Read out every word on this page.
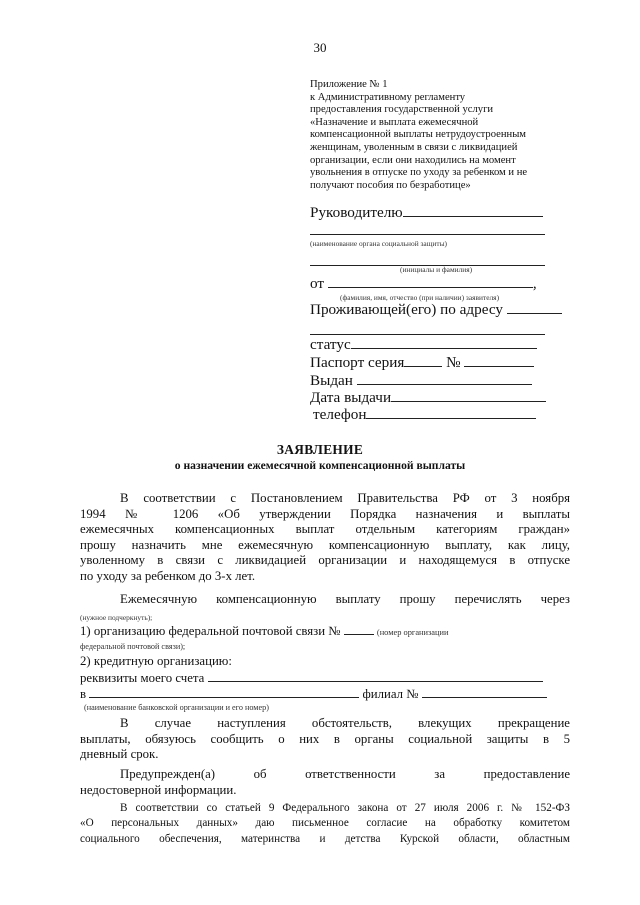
30
Приложение № 1
к Административному регламенту
предоставления государственной услуги
«Назначение и выплата ежемесячной
компенсационной выплаты нетрудоустроенным
женщинам, уволенным в связи с ликвидацией
организации, если они находились на момент
увольнения в отпуске по уходу за ребенком и не
получают пособия по безработице»
Руководителю
(наименование органа социальной защиты)
(инициалы и фамилия)
от	,
(фамилия, имя, отчество (при наличии) заявителя)
Проживающей(его) по адресу
статус
Паспорт серия	№
Выдан
Дата выдачи
телефон
ЗАЯВЛЕНИЕ
о назначении ежемесячной компенсационной выплаты
В соответствии с Постановлением Правительства РФ от 3 ноября
1994 № 1206 «Об утверждении Порядка назначения и выплаты
ежемесячных компенсационных выплат отдельным категориям граждан»
прошу назначить мне ежемесячную компенсационную выплату, как лицу,
уволенному в связи с ликвидацией организации и находящемуся в отпуске
по уходу за ребенком до 3-х лет.
Ежемесячную компенсационную выплату прошу перечислять через
(нужное подчеркнуть);
1) организацию федеральной почтовой связи №	(номер организации
федеральной почтовой связи);
2) кредитную организацию:
реквизиты моего счета
в	филиал №
(наименование банковской организации и его номер)
В случае наступления обстоятельств, влекущих прекращение
выплаты, обязуюсь сообщить о них в органы социальной защиты в 5
дневный срок.
Предупрежден(а) об ответственности за предоставление
недостоверной информации.
В соответствии со статьей 9 Федерального закона от 27 июля 2006 г. № 152-ФЗ
«О персональных данных» даю письменное согласие на обработку комитетом
социального обеспечения, материнства и детства Курской области, областным
